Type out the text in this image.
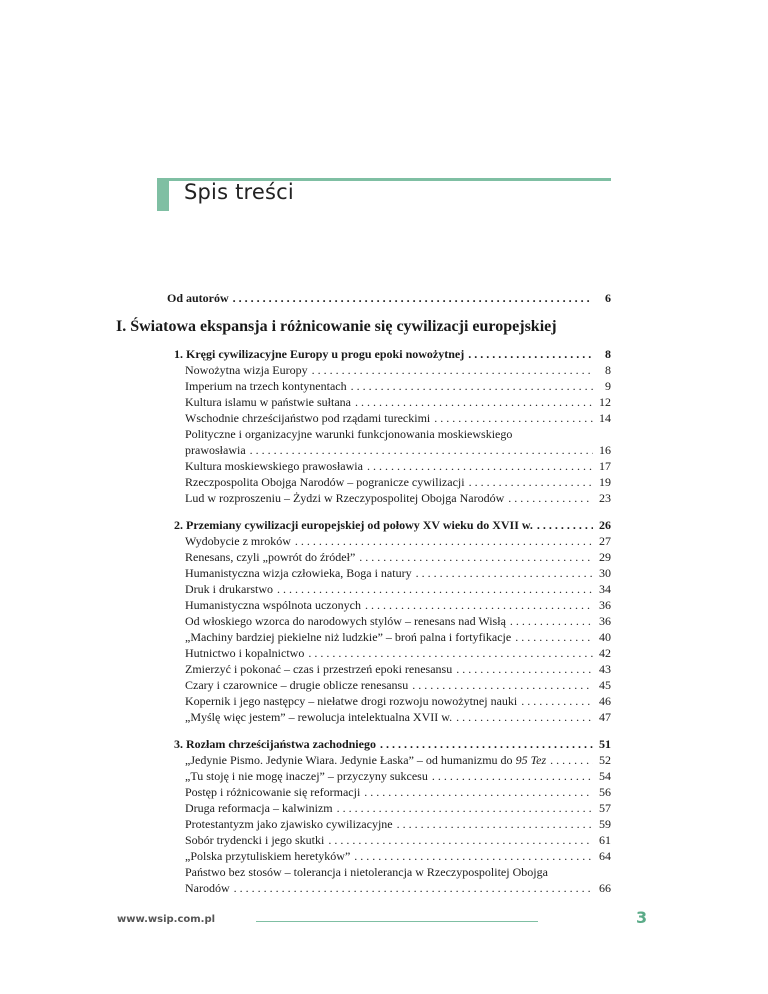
Spis treści
Od autorów . . .	6
I. Światowa ekspansja i różnicowanie się cywilizacji europejskiej
1. Kręgi cywilizacyjne Europy u progu epoki nowożytnej . . .	8
Nowożytna wizja Europy . . .	8
Imperium na trzech kontynentach . . .	9
Kultura islamu w państwie sułtana . . .	12
Wschodnie chrześcijaństwo pod rządami tureckimi . . .	14
Polityczne i organizacyjne warunki funkcjonowania moskiewskiego
prawosławia . . .	16
Kultura moskiewskiego prawosławia . . .	17
Rzeczpospolita Obojga Narodów – pogranicze cywilizacji . . .	19
Lud w rozproszeniu – Żydzi w Rzeczypospolitej Obojga Narodów . . .	23
2. Przemiany cywilizacji europejskiej od połowy XV wieku do XVII w. . . .	26
Wydobycie z mroków . . .	27
Renesans, czyli „powrót do źródeł” . . .	29
Humanistyczna wizja człowieka, Boga i natury . . .	30
Druk i drukarstwo . . .	34
Humanistyczna wspólnota uczonych . . .	36
Od włoskiego wzorca do narodowych stylów – renesans nad Wisłą . . .	36
„Machiny bardziej piekielne niż ludzkie” – broń palna i fortyfikacje . . .	40
Hutnictwo i kopalnictwo . . .	42
Zmierzyć i pokonać – czas i przestrzeń epoki renesansu . . .	43
Czary i czarownice – drugie oblicze renesansu . . .	45
Kopernik i jego następcy – niełatwe drogi rozwoju nowożytnej nauki . . .	46
„Myślę więc jestem” – rewolucja intelektualna XVII w. . . .	47
3. Rozłam chrześcijaństwa zachodniego . . .	51
„Jedynie Pismo. Jedynie Wiara. Jedynie Łaska” – od humanizmu do 95 Tez . . .	52
„Tu stoję i nie mogę inaczej” – przyczyny sukcesu . . .	54
Postęp i różnicowanie się reformacji . . .	56
Druga reformacja – kalwinizm . . .	57
Protestantyzm jako zjawisko cywilizacyjne . . .	59
Sobór trydencki i jego skutki . . .	61
„Polska przytuliskiem heretyków” . . .	64
Państwo bez stosów – tolerancja i nietolerancja w Rzeczypospolitej Obojga
Narodów . . .	66
www.wsip.com.pl	3
